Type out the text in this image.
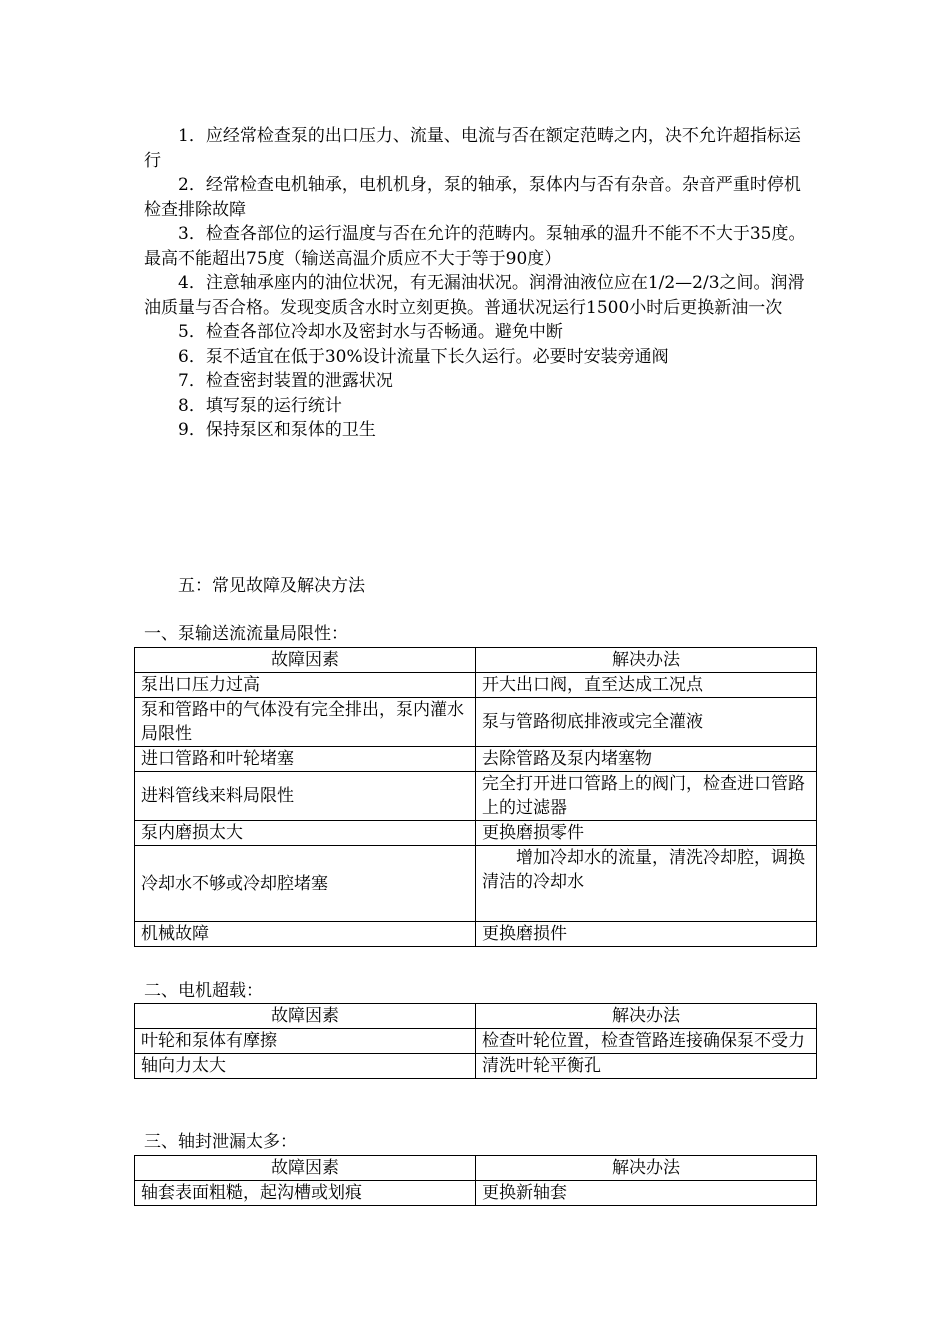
1．应经常检查泵的出口压力、流量、电流与否在额定范畴之内，决不允许超指标运行

2．经常检查电机轴承，电机机身，泵的轴承，泵体内与否有杂音。杂音严重时停机检查排除故障

3．检查各部位的运行温度与否在允许的范畴内。泵轴承的温升不能不不大于35度。最高不能超出75度（输送高温介质应不大于等于90度）

4．注意轴承座内的油位状况，有无漏油状况。润滑油液位应在1/2—2/3之间。润滑油质量与否合格。发现变质含水时立刻更换。普通状况运行1500小时后更换新油一次

5．检查各部位冷却水及密封水与否畅通。避免中断

6．泵不适宜在低于30%设计流量下长久运行。必要时安装旁通阀

7．检查密封装置的泄露状况

8．填写泵的运行统计

9．保持泵区和泵体的卫生

五：常见故障及解决方法

一、泵输送流流量局限性：

故障因素	解决办法
泵出口压力过高	开大出口阀，直至达成工况点
泵和管路中的气体没有完全排出，泵内灌水局限性	泵与管路彻底排液或完全灌液
进口管路和叶轮堵塞	去除管路及泵内堵塞物
进料管线来料局限性	完全打开进口管路上的阀门，检查进口管路上的过滤器
泵内磨损太大	更换磨损零件
冷却水不够或冷却腔堵塞	增加冷却水的流量，清洗冷却腔，调换清洁的冷却水
机械故障	更换磨损件

二、电机超载：

故障因素	解决办法
叶轮和泵体有摩擦	检查叶轮位置，检查管路连接确保泵不受力
轴向力太大	清洗叶轮平衡孔

三、轴封泄漏太多：

故障因素	解决办法
轴套表面粗糙，起沟槽或划痕	更换新轴套
